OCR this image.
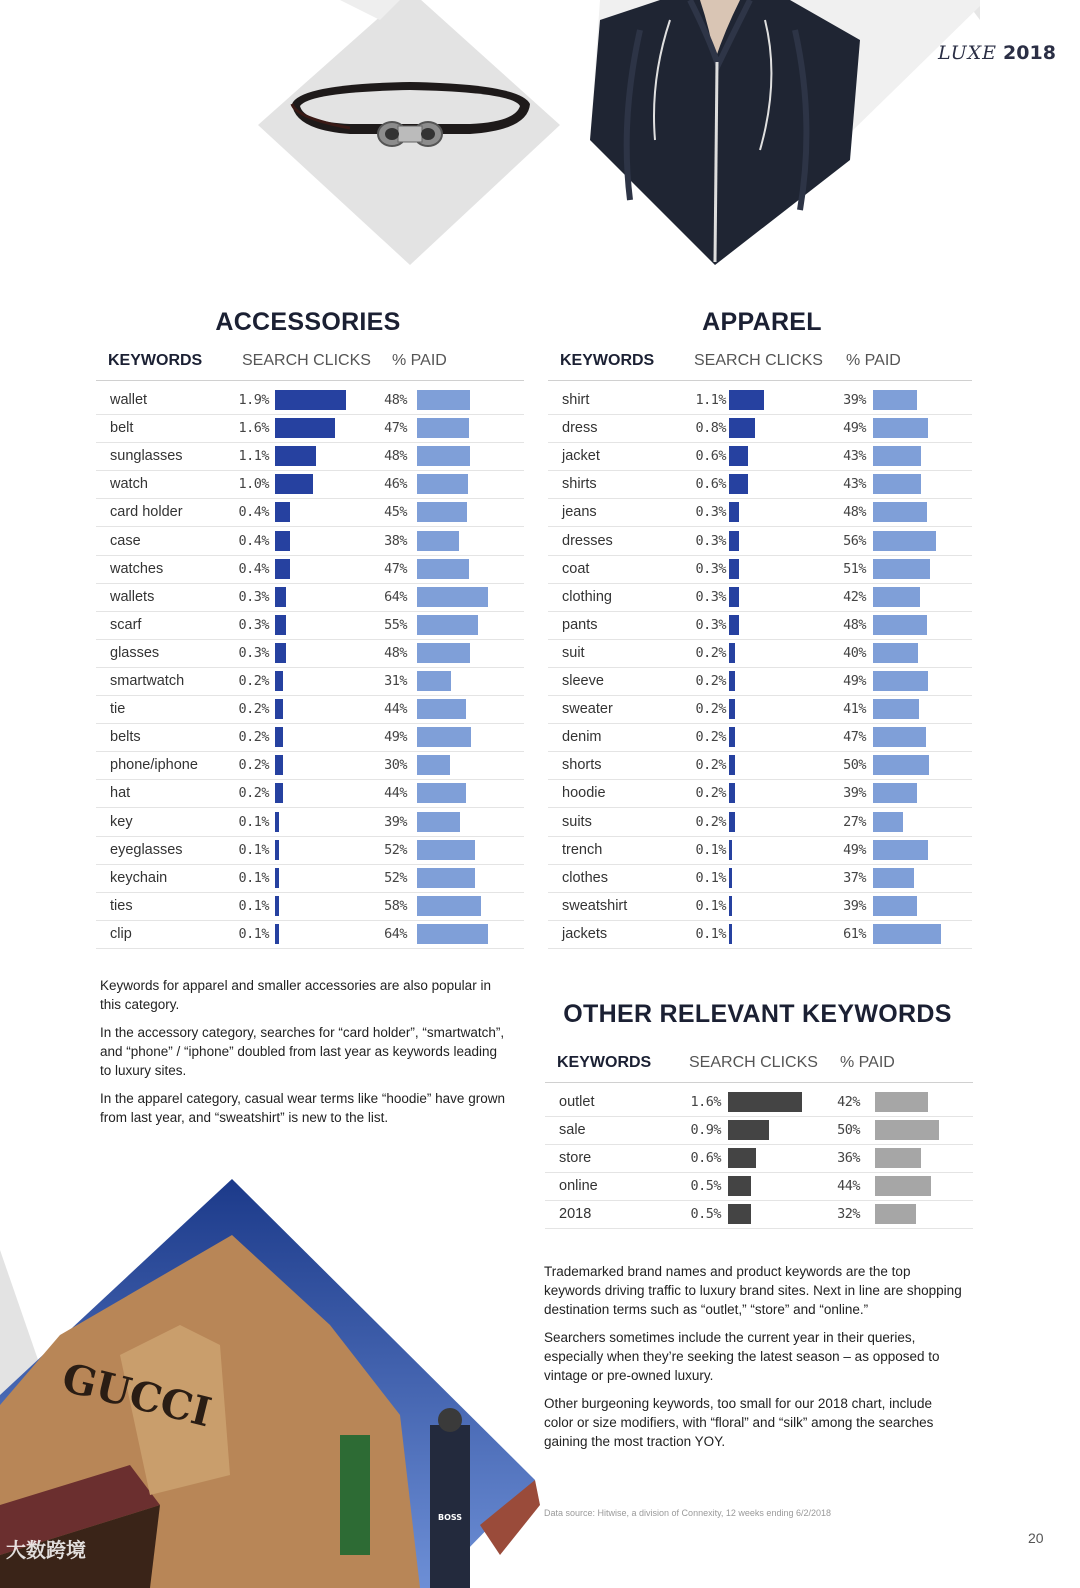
LUXE 2018
GUCCI
BOSS
大数跨境
ACCESSORIES	APPAREL
OTHER RELEVANT KEYWORDS

Keywords for apparel and smaller accessories are also popular in this category.

In the accessory category, searches for “card holder”, “smartwatch”, and “phone” / “iphone” doubled from last year as keywords leading to luxury sites.

In the apparel category, casual wear terms like “hoodie” have grown from last year, and “sweatshirt” is new to the list.

Trademarked brand names and product keywords are the top keywords driving traffic to luxury brand sites. Next in line are shopping destination terms such as “outlet,” “store” and “online.”

Searchers sometimes include the current year in their queries, especially when they’re seeking the latest season – as opposed to vintage or pre-owned luxury.

Other burgeoning keywords, too small for our 2018 chart, include color or size modifiers, with “floral” and “silk” among the searches gaining the most traction YOY.

Data source: Hitwise, a division of Connexity, 12 weeks ending 6/2/2018
20
KEYWORDS SEARCH CLICKS % PAID
wallet	1.9%	48%
belt	1.6%	47%
sunglasses	1.1%	48%
watch	1.0%	46%
card holder	0.4%	45%
case	0.4%	38%
watches	0.4%	47%
wallets	0.3%	64%
scarf	0.3%	55%
glasses	0.3%	48%
smartwatch	0.2%	31%
tie	0.2%	44%
belts	0.2%	49%
phone/iphone	0.2%	30%
hat	0.2%	44%
key	0.1%	39%
eyeglasses	0.1%	52%
keychain	0.1%	52%
ties	0.1%	58%
clip	0.1%	64%
KEYWORDS SEARCH CLICKS % PAID
shirt	1.1%	39%
dress	0.8%	49%
jacket	0.6%	43%
shirts	0.6%	43%
jeans	0.3%	48%
dresses	0.3%	56%
coat	0.3%	51%
clothing	0.3%	42%
pants	0.3%	48%
suit	0.2%	40%
sleeve	0.2%	49%
sweater	0.2%	41%
denim	0.2%	47%
shorts	0.2%	50%
hoodie	0.2%	39%
suits	0.2%	27%
trench	0.1%	49%
clothes	0.1%	37%
sweatshirt	0.1%	39%
jackets	0.1%	61%
KEYWORDS SEARCH CLICKS % PAID
outlet	1.6%	42%
sale	0.9%	50%
store	0.6%	36%
online	0.5%	44%
2018	0.5%	32%
